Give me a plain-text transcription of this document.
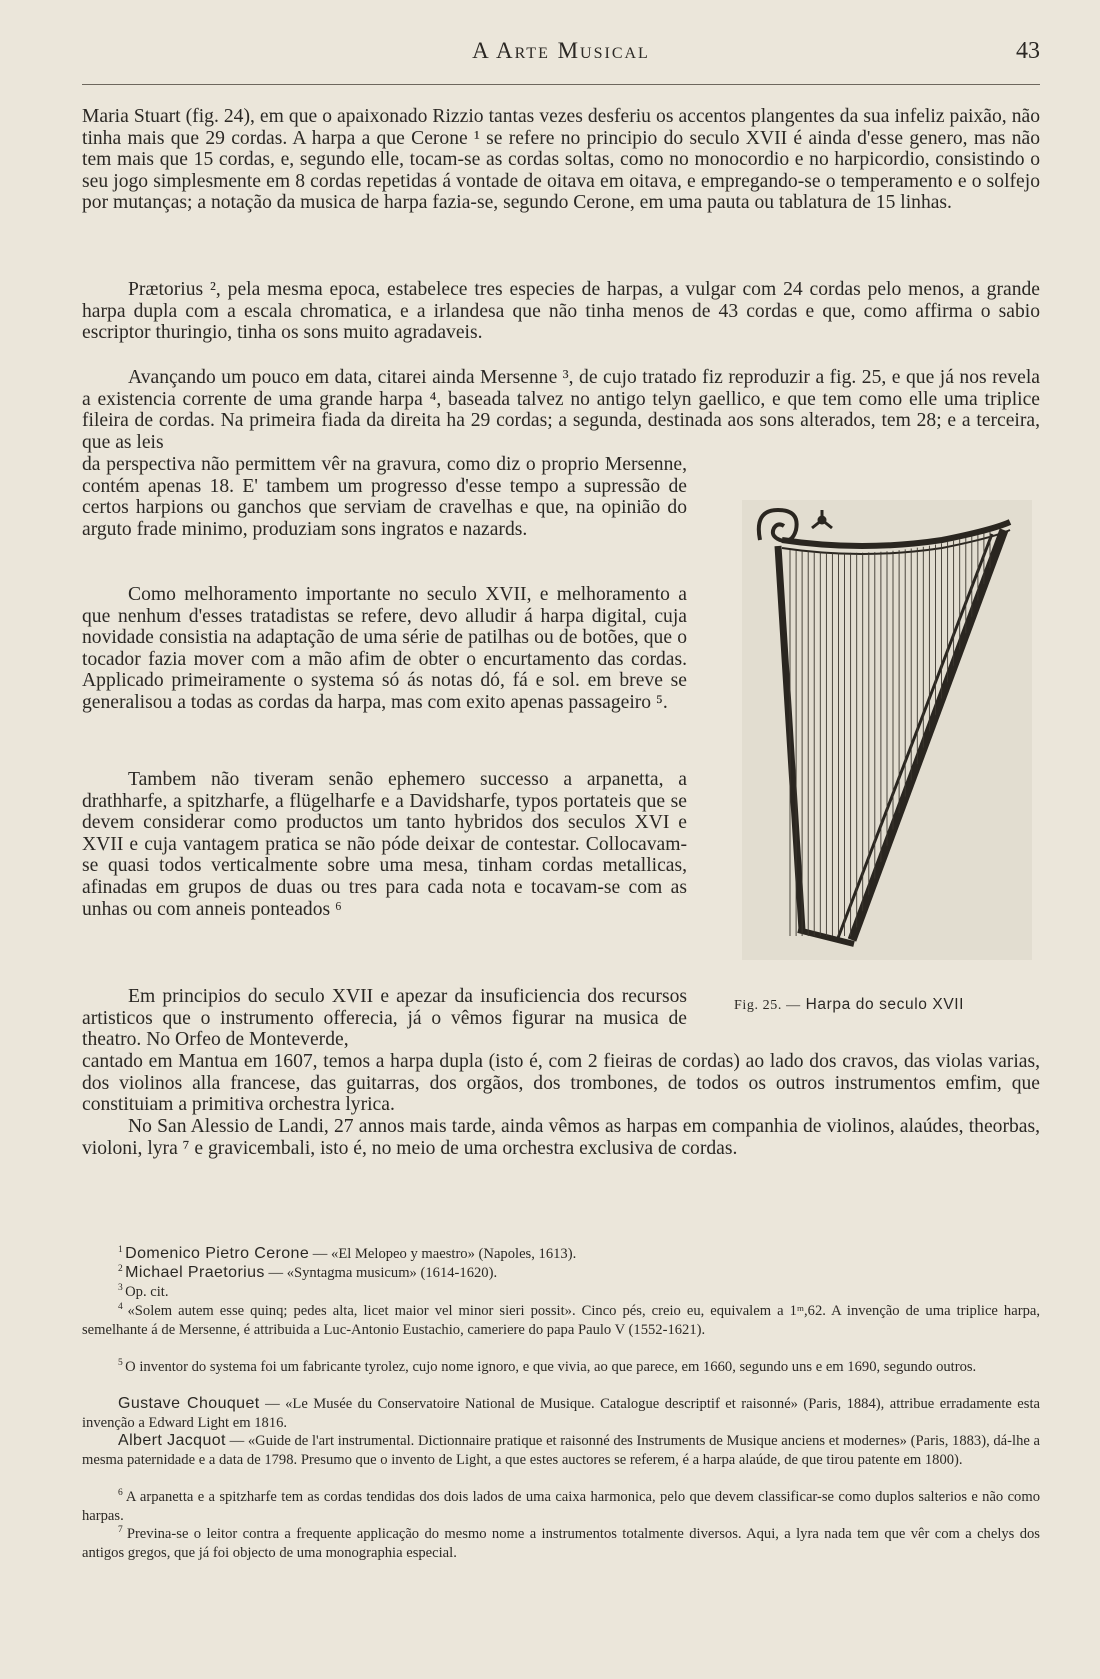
A Arte Musical	43

Maria Stuart (fig. 24), em que o apaixonado Rizzio tantas vezes desferiu os accentos plangentes da sua infeliz paixão, não tinha mais que 29 cordas. A harpa a que Cerone ¹ se refere no principio do seculo XVII é ainda d'esse genero, mas não tem mais que 15 cordas, e, segundo elle, tocam-se as cordas soltas, como no monocordio e no harpicordio, consistindo o seu jogo simplesmente em 8 cordas repetidas á vontade de oitava em oitava, e empregando-se o temperamento e o solfejo por mutanças; a notação da musica de harpa fazia-se, segundo Cerone, em uma pauta ou tablatura de 15 linhas.

Prætorius ², pela mesma epoca, estabelece tres especies de harpas, a vulgar com 24 cordas pelo menos, a grande harpa dupla com a escala chromatica, e a irlandesa que não tinha menos de 43 cordas e que, como affirma o sabio escriptor thuringio, tinha os sons muito agradaveis.

Avançando um pouco em data, citarei ainda Mersenne ³, de cujo tratado fiz reproduzir a fig. 25, e que já nos revela a existencia corrente de uma grande harpa ⁴, baseada talvez no antigo telyn gaellico, e que tem como elle uma triplice fileira de cordas. Na primeira fiada da direita ha 29 cordas; a segunda, destinada aos sons alterados, tem 28; e a terceira, que as leis

da perspectiva não permittem vêr na gravura, como diz o proprio Mersenne, contém apenas 18. E' tambem um progresso d'esse tempo a supressão de certos harpions ou ganchos que serviam de cravelhas e que, na opinião do arguto frade minimo, produziam sons ingratos e nazards.

Como melhoramento importante no seculo XVII, e melhoramento a que nenhum d'esses tratadistas se refere, devo alludir á harpa digital, cuja novidade consistia na adaptação de uma série de patilhas ou de botões, que o tocador fazia mover com a mão afim de obter o encurtamento das cordas. Applicado primeiramente o systema só ás notas dó, fá e sol. em breve se generalisou a todas as cordas da harpa, mas com exito apenas passageiro ⁵.

Tambem não tiveram senão ephemero successo a arpanetta, a drathharfe, a spitzharfe, a flügelharfe e a Davidsharfe, typos portateis que se devem considerar como productos um tanto hybridos dos seculos XVI e XVII e cuja vantagem pratica se não póde deixar de contestar. Collocavam-se quasi todos verticalmente sobre uma mesa, tinham cordas metallicas, afinadas em grupos de duas ou tres para cada nota e tocavam-se com as unhas ou com anneis ponteados ⁶

Em principios do seculo XVII e apezar da insuficiencia dos recursos artisticos que o instrumento offerecia, já o vêmos figurar na musica de theatro. No Orfeo de Monteverde,

cantado em Mantua em 1607, temos a harpa dupla (isto é, com 2 fieiras de cordas) ao lado dos cravos, das violas varias, dos violinos alla francese, das guitarras, dos orgãos, dos trombones, de todos os outros instrumentos emfim, que constituiam a primitiva orchestra lyrica.

No San Alessio de Landi, 27 annos mais tarde, ainda vêmos as harpas em companhia de violinos, alaúdes, theorbas, violoni, lyra ⁷ e gravicembali, isto é, no meio de uma orchestra exclusiva de cordas.

Fig. 25. — Harpa do seculo XVII

$^1$ Domenico Pietro Cerone — «El Melopeo y maestro» (Napoles, 1613).

$^2$ Michael Praetorius — «Syntagma musicum» (1614-1620).

$^3$ Op. cit.

$^4$ «Solem autem esse quinq; pedes alta, licet maior vel minor sieri possit». Cinco pés, creio eu, equivalem a 1ᵐ,62. A invenção de uma triplice harpa, semelhante á de Mersenne, é attribuida a Luc-Antonio Eustachio, cameriere do papa Paulo V (1552-1621).

$^5$ O inventor do systema foi um fabricante tyrolez, cujo nome ignoro, e que vivia, ao que parece, em 1660, segundo uns e em 1690, segundo outros.

Gustave Chouquet — «Le Musée du Conservatoire National de Musique. Catalogue descriptif et raisonné» (Paris, 1884), attribue erradamente esta invenção a Edward Light em 1816.

Albert Jacquot — «Guide de l'art instrumental. Dictionnaire pratique et raisonné des Instruments de Musique anciens et modernes» (Paris, 1883), dá-lhe a mesma paternidade e a data de 1798. Presumo que o invento de Light, a que estes auctores se referem, é a harpa alaúde, de que tirou patente em 1800).

$^6$ A arpanetta e a spitzharfe tem as cordas tendidas dos dois lados de uma caixa harmonica, pelo que devem classificar-se como duplos salterios e não como harpas.

$^7$ Previna-se o leitor contra a frequente applicação do mesmo nome a instrumentos totalmente diversos. Aqui, a lyra nada tem que vêr com a chelys dos antigos gregos, que já foi objecto de uma monographia especial.
